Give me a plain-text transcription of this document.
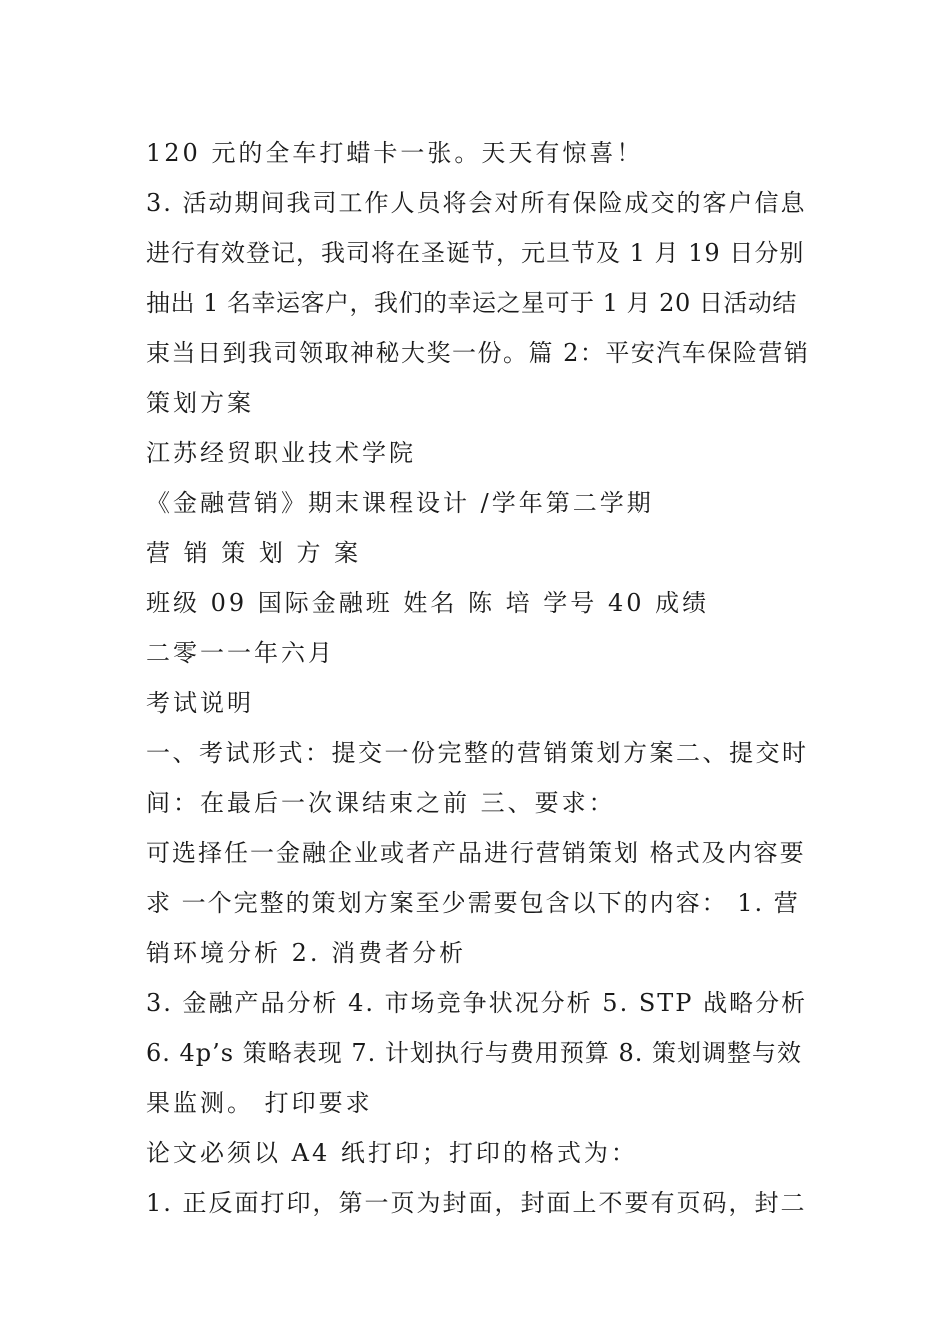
120 元的全车打蜡卡一张。天天有惊喜！
3. 活动期间我司工作人员将会对所有保险成交的客户信息
进行有效登记，我司将在圣诞节，元旦节及 1 月 19 日分别
抽出 1 名幸运客户，我们的幸运之星可于 1 月 20 日活动结
束当日到我司领取神秘大奖一份。篇 2：平安汽车保险营销
策划方案
江苏经贸职业技术学院
《金融营销》期末课程设计 /学年第二学期
营 销 策 划 方 案
班级 09 国际金融班 姓名 陈 培 学号 40 成绩
二零一一年六月
考试说明
一、考试形式：提交一份完整的营销策划方案二、提交时
间：在最后一次课结束之前 三、要求：
可选择任一金融企业或者产品进行营销策划 格式及内容要
求 一个完整的策划方案至少需要包含以下的内容： 1. 营
销环境分析 2. 消费者分析
3. 金融产品分析 4. 市场竞争状况分析 5. STP 战略分析
6. 4p’s 策略表现 7. 计划执行与费用预算 8. 策划调整与效
果监测。 打印要求
论文必须以 A4 纸打印；打印的格式为：
1. 正反面打印，第一页为封面，封面上不要有页码，封二
